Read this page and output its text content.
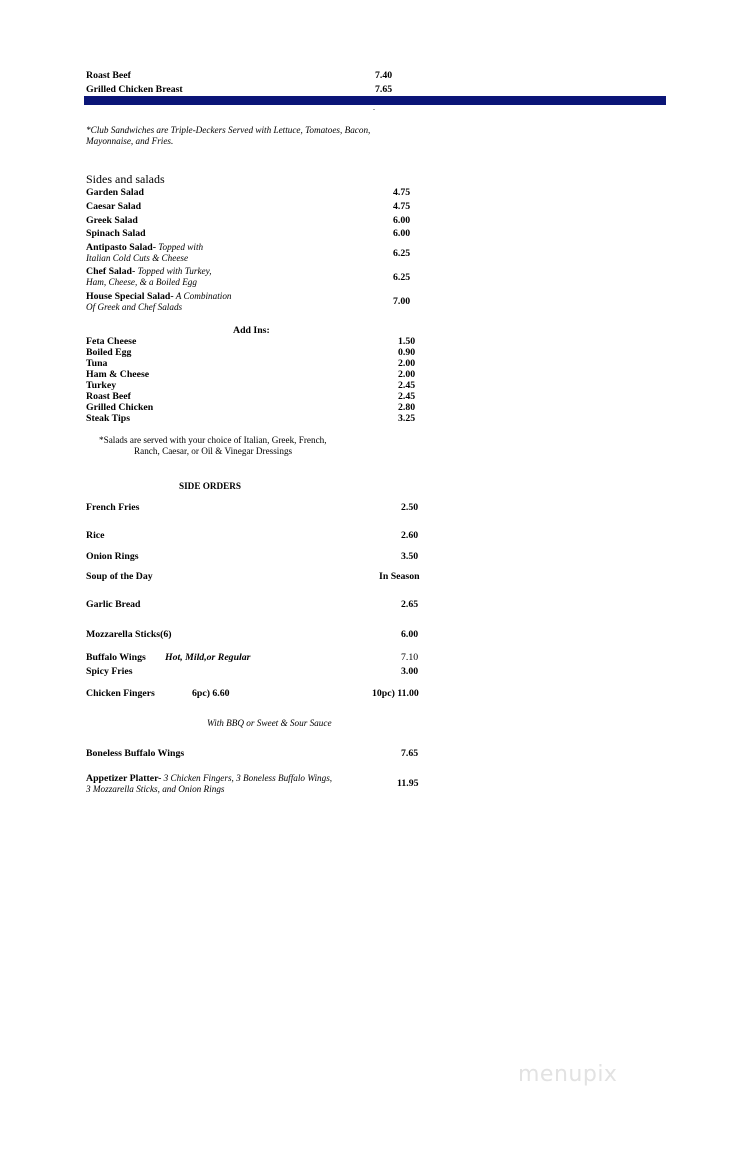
Roast Beef	7.40
Grilled Chicken Breast	7.65
.
*Club Sandwiches are Triple-Deckers Served with Lettuce, Tomatoes, Bacon,
Mayonnaise, and Fries.
Sides and salads
Garden Salad	4.75
Caesar Salad	4.75
Greek Salad	6.00
Spinach Salad	6.00
Antipasto Salad- Topped with
Italian Cold Cuts & Cheese	6.25
Chef Salad- Topped with Turkey,
Ham, Cheese, & a Boiled Egg	6.25
House Special Salad- A Combination
Of Greek and Chef Salads	7.00
Add Ins:
Feta Cheese	1.50
Boiled Egg	0.90
Tuna	2.00
Ham & Cheese	2.00
Turkey	2.45
Roast Beef	2.45
Grilled Chicken	2.80
Steak Tips	3.25
*Salads are served with your choice of Italian, Greek, French,
Ranch, Caesar, or Oil & Vinegar Dressings
SIDE ORDERS
French Fries	2.50
Rice	2.60
Onion Rings	3.50
Soup of the Day	In Season
Garlic Bread	2.65
Mozzarella Sticks(6)	6.00
Buffalo Wings Hot, Mild,or Regular	7.10
Spicy Fries	3.00
Chicken Fingers	6pc) 6.60	10pc) 11.00
With BBQ or Sweet & Sour Sauce
Boneless Buffalo Wings	7.65
Appetizer Platter- 3 Chicken Fingers, 3 Boneless Buffalo Wings,
3 Mozzarella Sticks, and Onion Rings	11.95
menupix
